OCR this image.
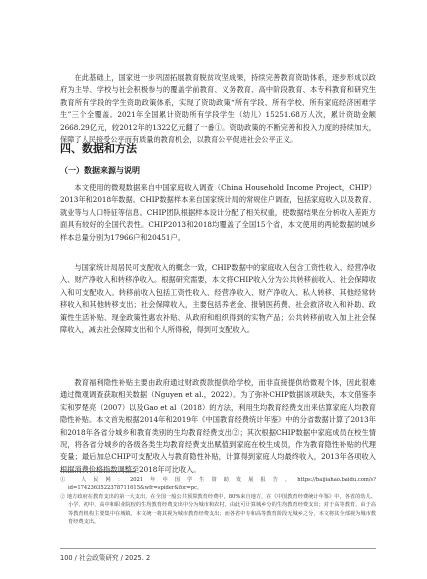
在此基础上，国家进一步巩固拓展教育脱贫攻坚成果，持续完善教育资助体系，逐步形成以政府为主导、学校与社会积极参与的覆盖学前教育、义务教育、高中阶段教育、本专科教育和研究生教育所有学段的学生资助政策体系，实现了资助政策“所有学段、所有学校、所有家庭经济困难学生”三个全覆盖。2021年全国累计资助所有学段学生（幼儿）15251.68万人次，累计资助金额2668.29亿元，较2012年的1322亿元翻了一番①。资助政策的不断完善和投入力度的持续加大，保障了人民接受公平而有质量的教育机会，以教育公平促进社会公平正义。

四、数据和方法
（一）数据来源与说明

本文使用的微观数据来自中国家庭收入调查（China Household Income Project，CHIP）2013年和2018年数据。CHIP数据样本来自国家统计局的常规住户调查，包括家庭收入以及教育、就业等与人口特征等信息。CHIP团队根据样本设计分配了相关权重，使数据结果在分析收入差距方面具有较好的全国代表性。CHIP2013和2018均覆盖了全国15个省，本文使用的两轮数据的城乡样本总量分别为17966户和20451户。

与国家统计局居民可支配收入的概念一致，CHIP数据中的家庭收入包含工资性收入、经营净收入、财产净收入和转移净收入。根据研究需要，本文将CHIP收入分为公共转移前收入、社会保障收入和可支配收入。转移前收入包括工资性收入、经营净收入、财产净收入、私人转移、其他经常转移收入和其他转移支出；社会保障收入，主要包括养老金、报销医药费、社会救济收入和补助、政策性生活补贴、现金政策性惠农补贴、从政府和组织得到的实物产品；公共转移前收入加上社会保障收入，减去社会保障支出和个人所得税，得到可支配收入。

教育福利隐性补贴主要由政府通过财政拨款提供给学校，而非直接提供给微观个体，因此很难通过微观调查获取相关数据（Nguyen et al.，2022）。为了弥补CHIP数据该项缺失，本文借鉴李实和罗楚亮（2007）以及Gao et al（2018）的方法，利用生均教育经费支出来估算家庭人均教育隐性补贴。本文首先根据2014年和2019年《中国教育经费统计年鉴》中的分省数据计算了2013年和2018年各省分城乡和教育类别的生均教育经费支出②；其次根据CHIP数据中家庭成员在校生情况，将各省分城乡的各级各类生均教育经费支出赋值到家庭在校生成员，作为教育隐性补贴的代理变量；最后加总CHIP可支配收入与教育隐性补贴，计算得到家庭人均最终收入，2013年各项收入根据消费价格指数调整至2018年可比收入。

① 人民网：2021年中国学生资助发展报告，https://baijiahao.baidu.com/s?id=1742363522378711615&wfr=spider&for=pc。

② 地方政府在教育支出的第一大支出，在全国一般公共预算教育经费中，80%来自地方，在《中国教育经费统计年鉴》中，各省的幼儿、小学、初中、高中和职业院校的生均教育经费支出中分为城市和农村，由此可计算城乡分的生均教育经费支出；对于高等教育，由于高等教育机构主要集中在城镇，本文统一将其视为城市教育经费支出；而各省中专和高等教育阶段无城乡之分，本文将其全部视为城市教育经费支出。

100 / 社会政策研究 / 2025. 2
